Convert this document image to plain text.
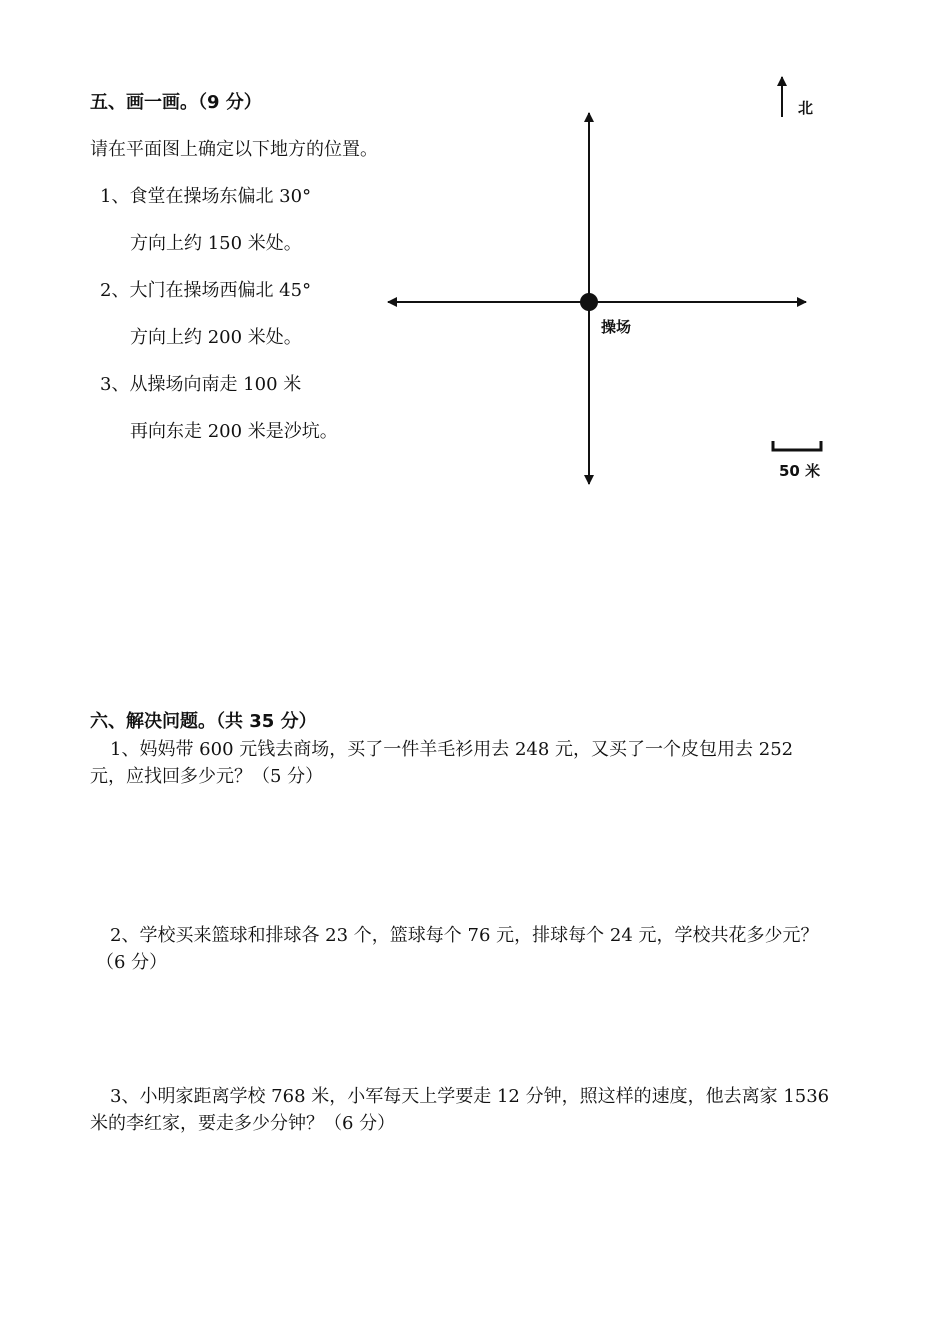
五、画一画。（9 分）
请在平面图上确定以下地方的位置。
1、食堂在操场东偏北 30°
方向上约 150 米处。
2、大门在操场西偏北 45°
方向上约 200 米处。
3、从操场向南走 100 米
再向东走 200 米是沙坑。
操场
北
50 米
六、解决问题。（共 35 分）
1、妈妈带 600 元钱去商场，买了一件羊毛衫用去 248 元，又买了一个皮包用去 252
元，应找回多少元？（5 分）
2、学校买来篮球和排球各 23 个，篮球每个 76 元，排球每个 24 元，学校共花多少元？
（6 分）
3、小明家距离学校 768 米，小军每天上学要走 12 分钟，照这样的速度，他去离家 1536
米的李红家，要走多少分钟？（6 分）
